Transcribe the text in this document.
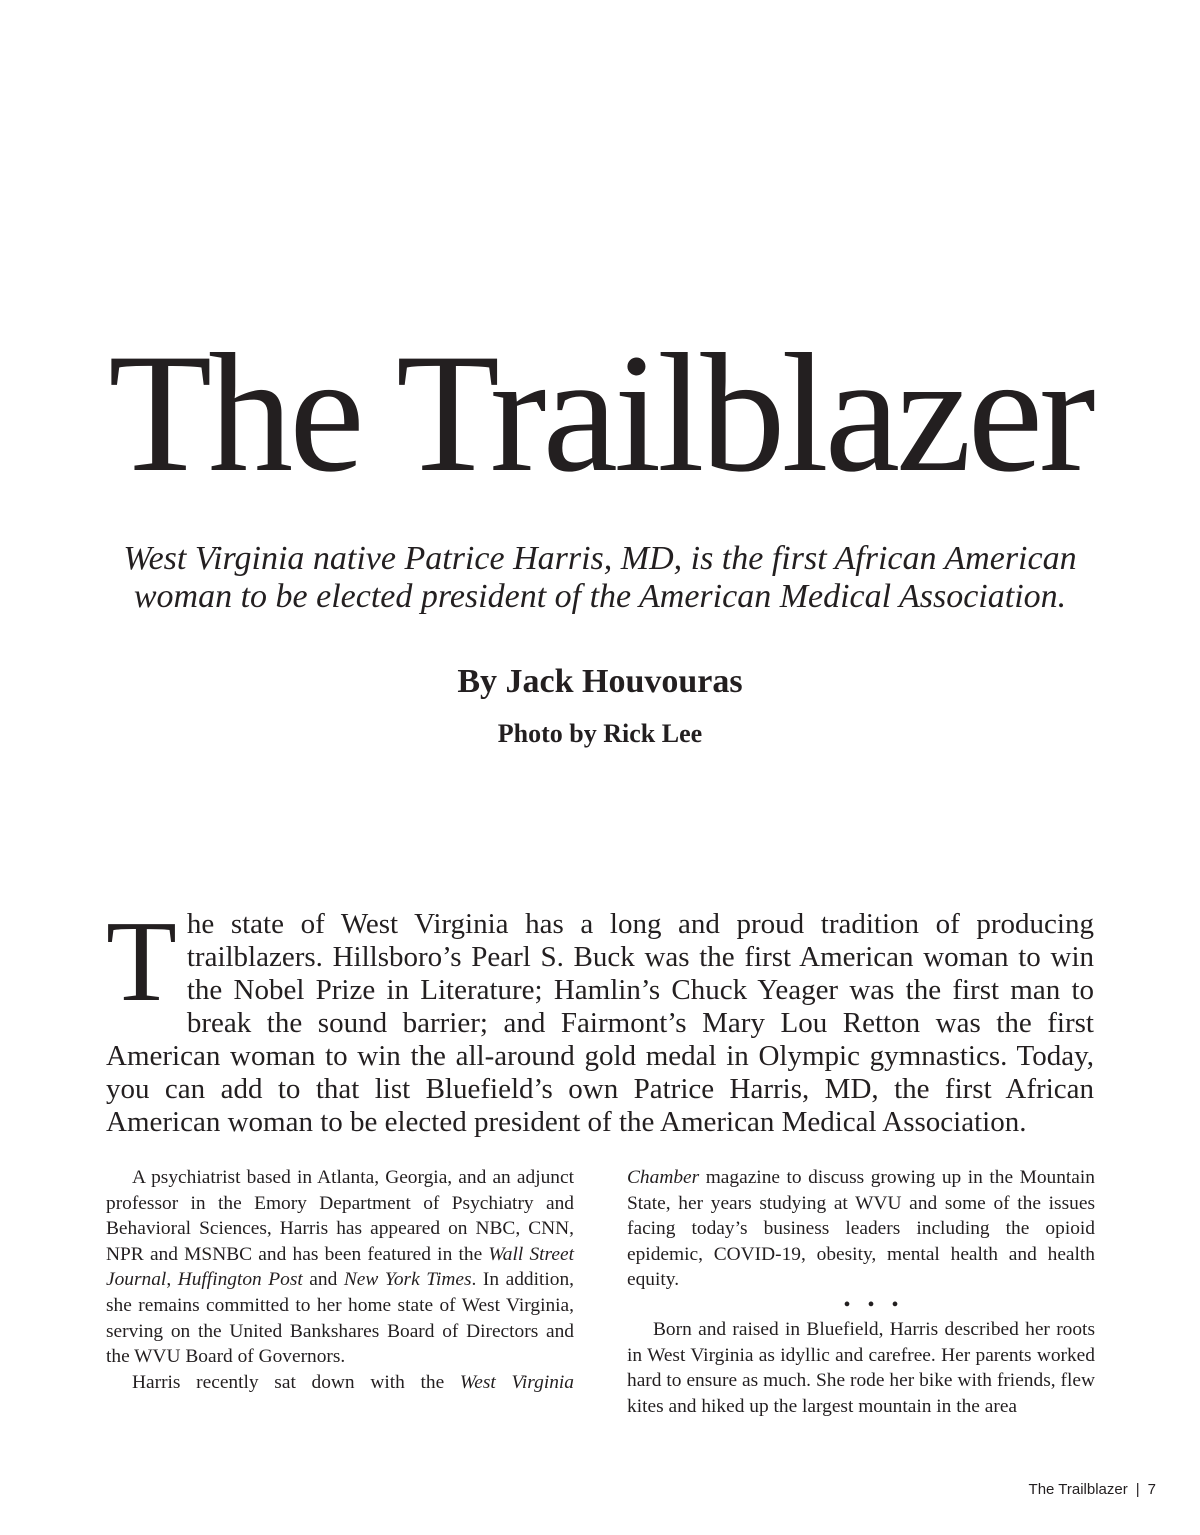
The Trailblazer

West Virginia native Patrice Harris, MD, is the first African American
woman to be elected president of the American Medical Association.

By Jack Houvouras
Photo by Rick Lee

The state of West Virginia has a long and proud tradition of producing trailblazers. Hillsboro’s Pearl S. Buck was the first American woman to win the Nobel Prize in Literature; Hamlin’s Chuck Yeager was the first man to break the sound barrier; and Fairmont’s Mary Lou Retton was the first American woman to win the all-around gold medal in Olympic gymnastics. Today, you can add to that list Bluefield’s own Patrice Harris, MD, the first African American woman to be elected president of the American Medical Association.

A psychiatrist based in Atlanta, Georgia, and an adjunct professor in the Emory Department of Psychiatry and Behavioral Sciences, Harris has appeared on NBC, CNN, NPR and MSNBC and has been featured in the Wall Street Journal, Huffington Post and New York Times. In addition, she remains committed to her home state of West Virginia, serving on the United Bankshares Board of Directors and the WVU Board of Governors.

Harris recently sat down with the West Virginia

Chamber magazine to discuss growing up in the Mountain State, her years studying at WVU and some of the issues facing today’s business leaders including the opioid epidemic, COVID-19, obesity, mental health and health equity.

• • •

Born and raised in Bluefield, Harris described her roots in West Virginia as idyllic and carefree. Her parents worked hard to ensure as much. She rode her bike with friends, flew kites and hiked up the largest mountain in the area

The Trailblazer | 7
